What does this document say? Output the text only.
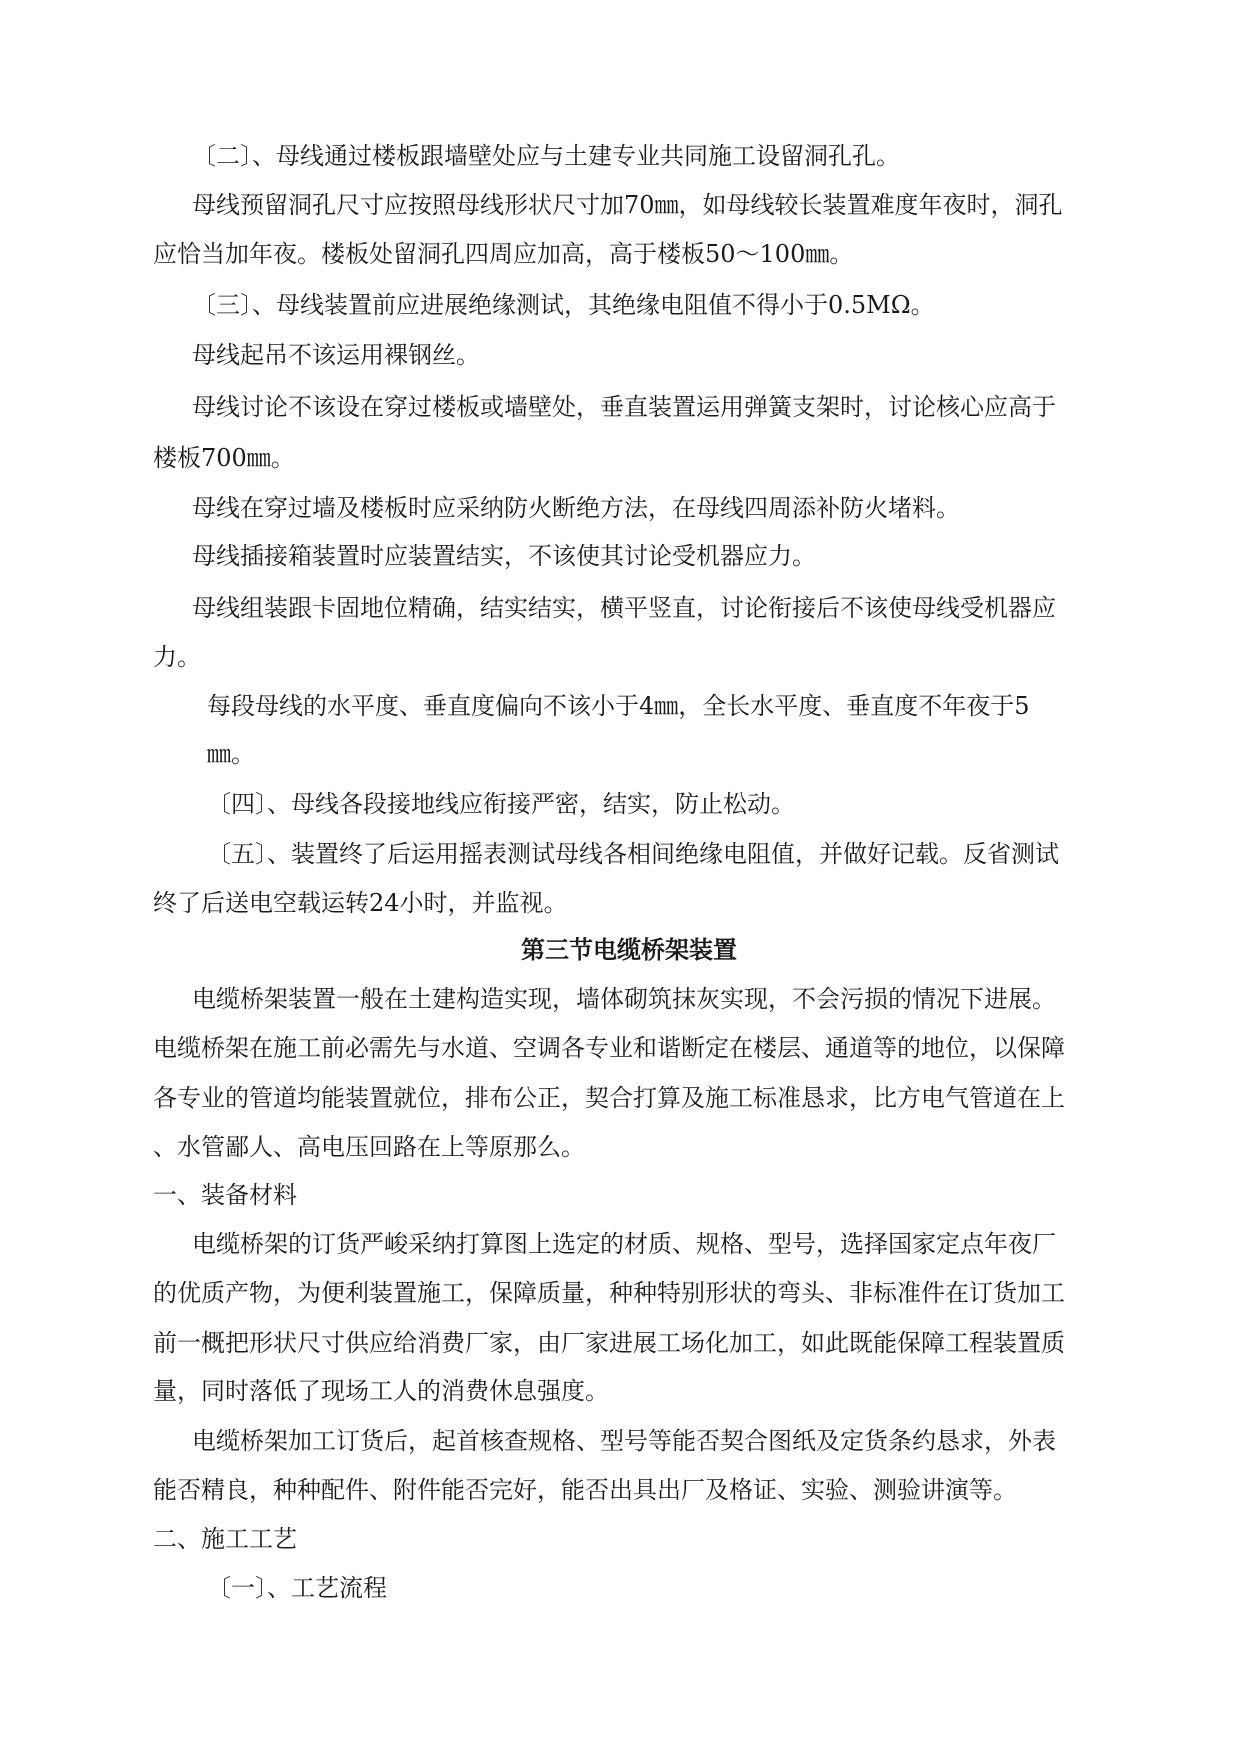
〔二〕、母线通过楼板跟墙壁处应与土建专业共同施工设留洞孔孔。
母线预留洞孔尺寸应按照母线形状尺寸加70㎜，如母线较长装置难度年夜时，洞孔
应恰当加年夜。楼板处留洞孔四周应加高，高于楼板50～100㎜。
〔三〕、母线装置前应进展绝缘测试，其绝缘电阻值不得小于0.5MΩ。
母线起吊不该运用裸钢丝。
母线讨论不该设在穿过楼板或墙壁处，垂直装置运用弹簧支架时，讨论核心应高于
楼板700㎜。
母线在穿过墙及楼板时应采纳防火断绝方法，在母线四周添补防火堵料。
母线插接箱装置时应装置结实，不该使其讨论受机器应力。
母线组装跟卡固地位精确，结实结实，横平竖直，讨论衔接后不该使母线受机器应
力。
每段母线的水平度、垂直度偏向不该小于4㎜，全长水平度、垂直度不年夜于5
㎜。
〔四〕、母线各段接地线应衔接严密，结实，防止松动。
〔五〕、装置终了后运用摇表测试母线各相间绝缘电阻值，并做好记载。反省测试
终了后送电空载运转24小时，并监视。
第三节电缆桥架装置
电缆桥架装置一般在土建构造实现，墙体砌筑抹灰实现，不会污损的情况下进展。
电缆桥架在施工前必需先与水道、空调各专业和谐断定在楼层、通道等的地位，以保障
各专业的管道均能装置就位，排布公正，契合打算及施工标准恳求，比方电气管道在上
、水管鄙人、高电压回路在上等原那么。
一、装备材料
电缆桥架的订货严峻采纳打算图上选定的材质、规格、型号，选择国家定点年夜厂
的优质产物，为便利装置施工，保障质量，种种特别形状的弯头、非标准件在订货加工
前一概把形状尺寸供应给消费厂家，由厂家进展工场化加工，如此既能保障工程装置质
量，同时落低了现场工人的消费休息强度。
电缆桥架加工订货后，起首核查规格、型号等能否契合图纸及定货条约恳求，外表
能否精良，种种配件、附件能否完好，能否出具出厂及格证、实验、测验讲演等。
二、施工工艺
〔一〕、工艺流程
